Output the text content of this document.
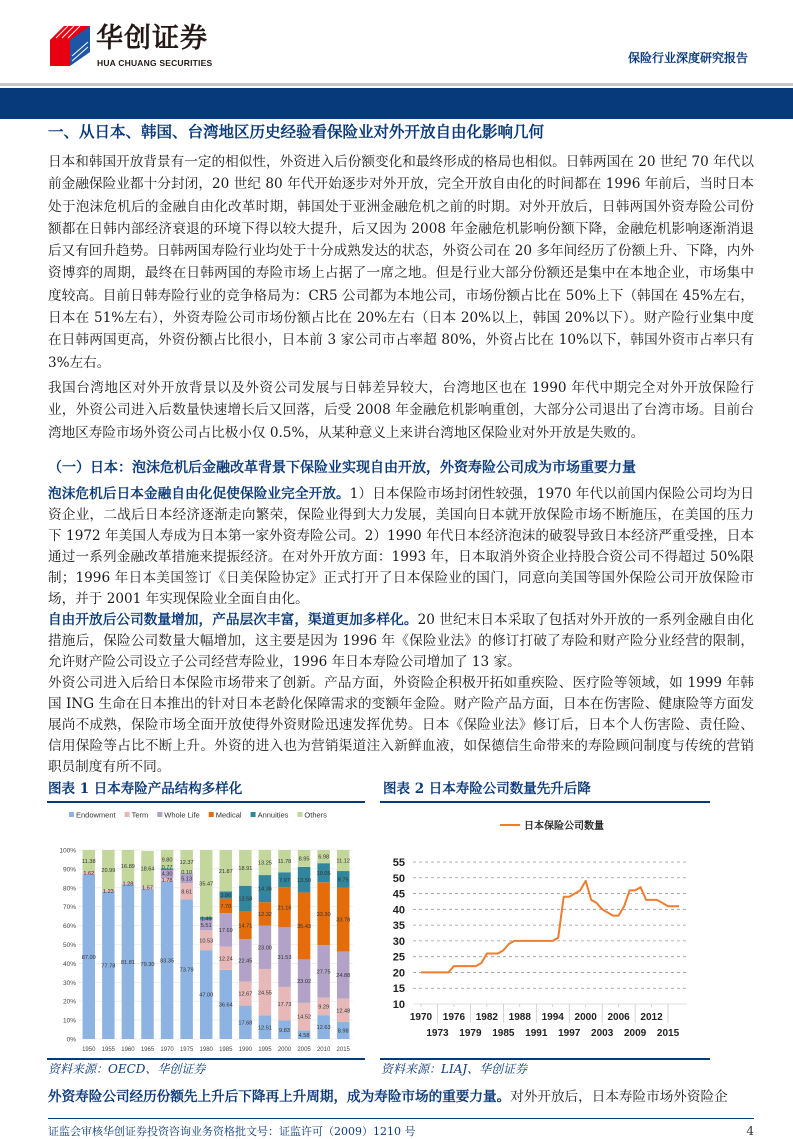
华创证券
HUA CHUANG SECURITIES	保险行业深度研究报告
一、从日本、韩国、台湾地区历史经验看保险业对外开放自由化影响几何

日本和韩国开放背景有一定的相似性，外资进入后份额变化和最终形成的格局也相似。日韩两国在 20 世纪 70 年代以前金融保险业都十分封闭，20 世纪 80 年代开始逐步对外开放，完全开放自由化的时间都在 1996 年前后，当时日本处于泡沫危机后的金融自由化改革时期，韩国处于亚洲金融危机之前的时期。对外开放后，日韩两国外资寿险公司份额都在日韩内部经济衰退的环境下得以较大提升，后又因为 2008 年金融危机影响份额下降，金融危机影响逐渐消退后又有回升趋势。日韩两国寿险行业均处于十分成熟发达的状态，外资公司在 20 多年间经历了份额上升、下降，内外资博弈的周期，最终在日韩两国的寿险市场上占据了一席之地。但是行业大部分份额还是集中在本地企业，市场集中度较高。目前日韩寿险行业的竞争格局为：CR5 公司都为本地公司，市场份额占比在 50%上下（韩国在 45%左右，日本在 51%左右），外资寿险公司市场份额占比在 20%左右（日本 20%以上，韩国 20%以下）。财产险行业集中度在日韩两国更高，外资份额占比很小，日本前 3 家公司市占率超 80%，外资占比在 10%以下，韩国外资市占率只有 3%左右。

我国台湾地区对外开放背景以及外资公司发展与日韩差异较大，台湾地区也在 1990 年代中期完全对外开放保险行业，外资公司进入后数量快速增长后又回落，后受 2008 年金融危机影响重创，大部分公司退出了台湾市场。目前台湾地区寿险市场外资公司占比极小仅 0.5%，从某种意义上来讲台湾地区保险业对外开放是失败的。

（一）日本：泡沫危机后金融改革背景下保险业实现自由开放，外资寿险公司成为市场重要力量

泡沫危机后日本金融自由化促使保险业完全开放。1）日本保险市场封闭性较强，1970 年代以前国内保险公司均为日资企业，二战后日本经济逐渐走向繁荣，保险业得到大力发展，美国向日本就开放保险市场不断施压，在美国的压力下 1972 年美国人寿成为日本第一家外资寿险公司。2）1990 年代日本经济泡沫的破裂导致日本经济严重受挫，日本通过一系列金融改革措施来提振经济。在对外开放方面：1993 年，日本取消外资企业持股合资公司不得超过 50%限制；1996 年日本美国签订《日美保险协定》正式打开了日本保险业的国门，同意向美国等国外保险公司开放保险市场，并于 2001 年实现保险业全面自由化。

自由开放后公司数量增加，产品层次丰富，渠道更加多样化。20 世纪末日本采取了包括对外开放的一系列金融自由化措施后，保险公司数量大幅增加，这主要是因为 1996 年《保险业法》的修订打破了寿险和财产险分业经营的限制，允许财产险公司设立子公司经营寿险业，1996 年日本寿险公司增加了 13 家。

外资公司进入后给日本保险市场带来了创新。产品方面，外资险企积极开拓如重疾险、医疗险等领域，如 1999 年韩国 ING 生命在日本推出的针对日本老龄化保障需求的变额年金险。财产险产品方面，日本在伤害险、健康险等方面发展尚不成熟，保险市场全面开放使得外资财险迅速发挥优势。日本《保险业法》修订后，日本个人伤害险、责任险、信用保险等占比不断上升。外资的进入也为营销渠道注入新鲜血液，如保德信生命带来的寿险顾问制度与传统的营销职员制度有所不同。

图表 1 日本寿险产品结构多样化	图表 2 日本寿险公司数量先升后降
0%
10%
20%
30%
40%
50%
60%
70%
80%
90%
100%
Endowment Term Whole Life Medical Annuities Others
87.00
1.62
11.38
1950
77.78
1.23
20.99
1955
81.81
1.28
16.89
1960
79.30
1.57
18.64
1965
83.35
1.78
4.30
0.77
9.80
1970
73.79
8.61
5.13
0.10
12.37
1975
47.00
10.53
5.51
1.49
35.47
1980
36.64
12.24
17.69
7.70
3.86
21.87
1985
17.68
12.67
22.45
14.71
13.58
18.91
1990
12.51
24.55
23.00
12.32
14.36
13.25
1995
9.83
17.73
31.53
21.16
7.97
11.78
2000
4.58
14.52
23.02
35.43
13.50
8.95
2005
12.63
9.29
27.75
33.30
10.05
6.98
2010
8.98
12.48
24.88
33.78
8.75
11.12
2015
10
15
20
25
30
35
40
45
50
55
日本保险公司数量
1970
1973
1976
1979
1982
1985
1988
1991
1994
1997
2000
2003
2006
2009
2012
2015
资料来源：OECD、华创证券	资料来源：LIAJ、华创证券

外资寿险公司经历份额先上升后下降再上升周期，成为寿险市场的重要力量。对外开放后，日本寿险市场外资险企

证监会审核华创证券投资咨询业务资格批文号：证监许可（2009）1210 号	4
